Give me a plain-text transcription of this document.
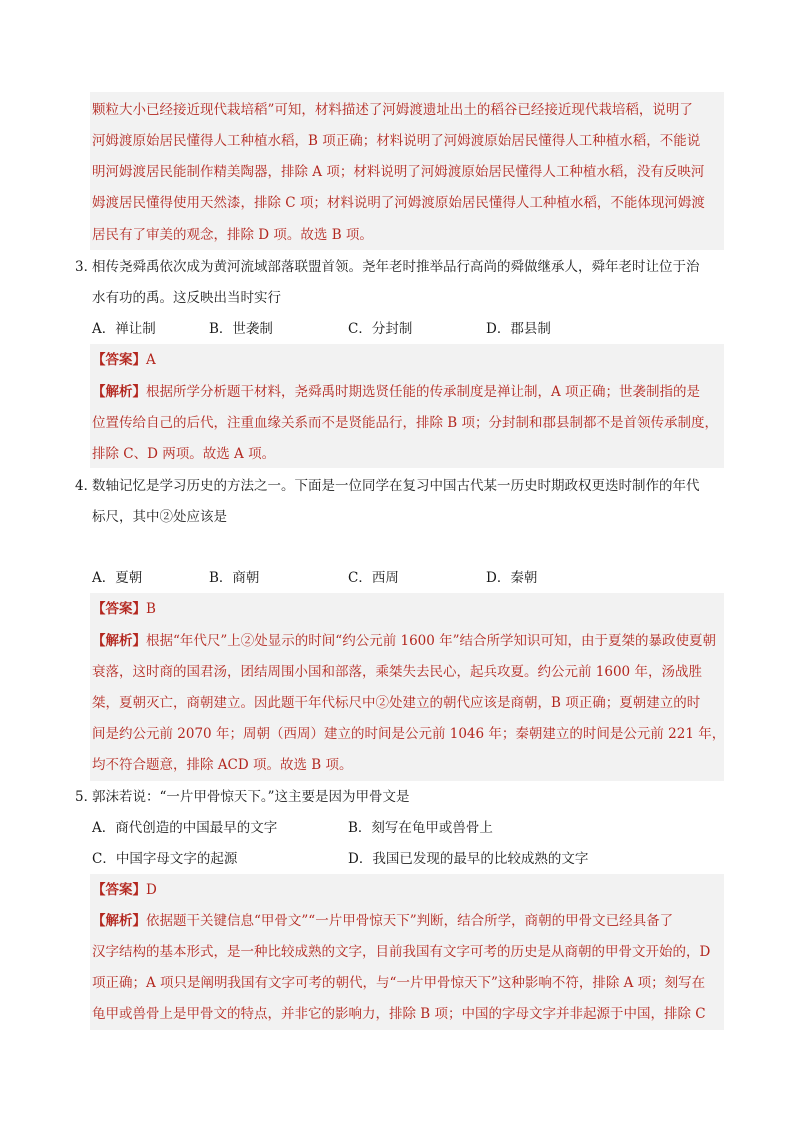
颗粒大小已经接近现代栽培稻”可知，材料描述了河姆渡遗址出土的稻谷已经接近现代栽培稻，说明了
河姆渡原始居民懂得人工种植水稻，B 项正确；材料说明了河姆渡原始居民懂得人工种植水稻，不能说
明河姆渡居民能制作精美陶器，排除 A 项；材料说明了河姆渡原始居民懂得人工种植水稻，没有反映河
姆渡居民懂得使用天然漆，排除 C 项；材料说明了河姆渡原始居民懂得人工种植水稻，不能体现河姆渡
居民有了审美的观念，排除 D 项。故选 B 项。
3．
相传尧舜禹依次成为黄河流域部落联盟首领。尧年老时推举品行高尚的舜做继承人，舜年老时让位于治
水有功的禹。这反映出当时实行
A．禅让制	B．世袭制	C．分封制	D．郡县制
【答案】A
【解析】根据所学分析题干材料，尧舜禹时期选贤任能的传承制度是禅让制，A 项正确；世袭制指的是
位置传给自己的后代，注重血缘关系而不是贤能品行，排除 B 项；分封制和郡县制都不是首领传承制度，
排除 C、D 两项。故选 A 项。
4．
数轴记忆是学习历史的方法之一。下面是一位同学在复习中国古代某一历史时期政权更迭时制作的年代
标尺，其中②处应该是
A．夏朝	B．商朝	C．西周	D．秦朝
【答案】B
【解析】根据“年代尺”上②处显示的时间“约公元前 1600 年”结合所学知识可知，由于夏桀的暴政使夏朝
衰落，这时商的国君汤，团结周围小国和部落，乘桀失去民心，起兵攻夏。约公元前 1600 年，汤战胜
桀，夏朝灭亡，商朝建立。因此题干年代标尺中②处建立的朝代应该是商朝，B 项正确；夏朝建立的时
间是约公元前 2070 年；周朝（西周）建立的时间是公元前 1046 年；秦朝建立的时间是公元前 221 年，
均不符合题意，排除 ACD 项。故选 B 项。
5．
郭沫若说：“一片甲骨惊天下。”这主要是因为甲骨文是
A．商代创造的中国最早的文字	B．刻写在龟甲或兽骨上
C．中国字母文字的起源	D．我国已发现的最早的比较成熟的文字
【答案】D
【解析】依据题干关键信息“甲骨文”“一片甲骨惊天下”判断，结合所学，商朝的甲骨文已经具备了
汉字结构的基本形式，是一种比较成熟的文字，目前我国有文字可考的历史是从商朝的甲骨文开始的，D
项正确；A 项只是阐明我国有文字可考的朝代，与“一片甲骨惊天下”这种影响不符，排除 A 项；刻写在
龟甲或兽骨上是甲骨文的特点，并非它的影响力，排除 B 项；中国的字母文字并非起源于中国，排除 C
